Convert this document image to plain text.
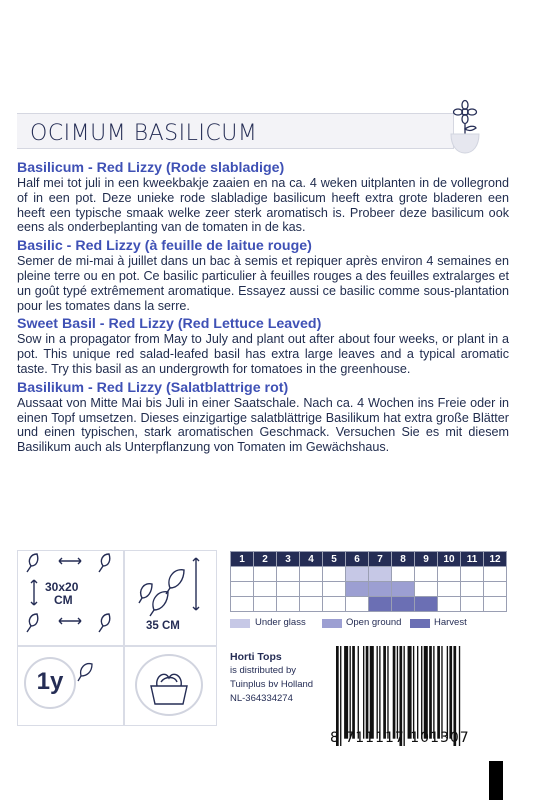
OCIMUM BASILICUM
Basilicum - Red Lizzy (Rode slabladige)
Half mei tot juli in een kweekbakje zaaien en na ca. 4 weken uitplanten in de vollegrond of in een pot. Deze unieke rode slabladige basilicum heeft extra grote bladeren een heeft een typische smaak welke zeer sterk aromatisch is. Probeer deze basilicum ook eens als onderbeplanting van de tomaten in de kas.
Basilic - Red Lizzy (à feuille de laitue rouge)
Semer de mi-mai à juillet dans un bac à semis et repiquer après environ 4 semaines en pleine terre ou en pot. Ce basilic particulier à feuilles rouges a des feuilles extralarges et un goût typé extrêmement aromatique. Essayez aussi ce basilic comme sous-plantation pour les tomates dans la serre.
Sweet Basil - Red Lizzy (Red Lettuce Leaved)
Sow in a propagator from May to July and plant out after about four weeks, or plant in a pot. This unique red salad-leafed basil has extra large leaves and a typical aromatic taste. Try this basil as an undergrowth for tomatoes in the greenhouse.
Basilikum - Red Lizzy (Salatblattrige rot)
Aussaat von Mitte Mai bis Juli in einer Saatschale. Nach ca. 4 Wochen ins Freie oder in einen Topf umsetzen. Dieses einzigartige salatblättrige Basilikum hat extra große Blätter und einen typischen, stark aromatischen Geschmack. Versuchen Sie es mit diesem Basilikum auch als Unterpflanzung von Tomaten im Gewächshaus.
30x20
CM
35 CM
1y
1	2	3	4	5	6	7	8	9	10	11	12

Under glass	Open ground	Harvest
Horti Tops
is distributed by
Tuinplus bv Holland
NL-364334274
8 711117 101307
